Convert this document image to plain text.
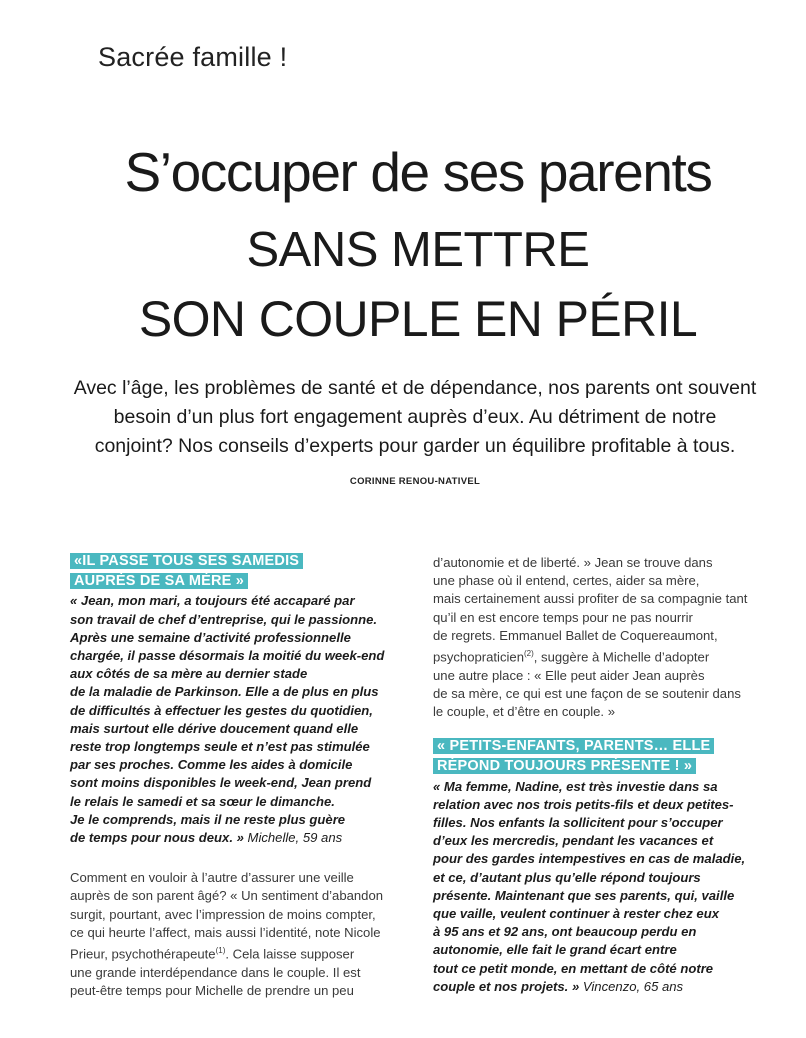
Sacrée famille !
S’occuper de ses parents
SANS METTRE
SON COUPLE EN PÉRIL
Avec l’âge, les problèmes de santé et de dépendance, nos parents ont souvent
besoin d’un plus fort engagement auprès d’eux. Au détriment de notre
conjoint? Nos conseils d’experts pour garder un équilibre profitable à tous.
CORINNE RENOU-NATIVEL
«IL PASSE TOUS SES SAMEDIS
AUPRÈS DE SA MÈRE »
« Jean, mon mari, a toujours été accaparé par
son travail de chef d’entreprise, qui le passionne.
Après une semaine d’activité professionnelle
chargée, il passe désormais la moitié du week-end
aux côtés de sa mère au dernier stade
de la maladie de Parkinson. Elle a de plus en plus
de difficultés à effectuer les gestes du quotidien,
mais surtout elle dérive doucement quand elle
reste trop longtemps seule et n’est pas stimulée
par ses proches. Comme les aides à domicile
sont moins disponibles le week-end, Jean prend
le relais le samedi et sa sœur le dimanche.
Je le comprends, mais il ne reste plus guère
de temps pour nous deux. » Michelle, 59 ans
Comment en vouloir à l’autre d’assurer une veille
auprès de son parent âgé? « Un sentiment d’abandon
surgit, pourtant, avec l’impression de moins compter,
ce qui heurte l’affect, mais aussi l’identité, note Nicole
Prieur, psychothérapeute$^{(1)}$. Cela laisse supposer
une grande interdépendance dans le couple. Il est
peut-être temps pour Michelle de prendre un peu
d’autonomie et de liberté. » Jean se trouve dans
une phase où il entend, certes, aider sa mère,
mais certainement aussi profiter de sa compagnie tant
qu’il en est encore temps pour ne pas nourrir
de regrets. Emmanuel Ballet de Coquereaumont,
psychopraticien$^{(2)}$, suggère à Michelle d’adopter
une autre place : « Elle peut aider Jean auprès
de sa mère, ce qui est une façon de se soutenir dans
le couple, et d’être en couple. »
« PETITS-ENFANTS, PARENTS… ELLE
RÉPOND TOUJOURS PRÉSENTE ! »
« Ma femme, Nadine, est très investie dans sa
relation avec nos trois petits-fils et deux petites-
filles. Nos enfants la sollicitent pour s’occuper
d’eux les mercredis, pendant les vacances et
pour des gardes intempestives en cas de maladie,
et ce, d’autant plus qu’elle répond toujours
présente. Maintenant que ses parents, qui, vaille
que vaille, veulent continuer à rester chez eux
à 95 ans et 92 ans, ont beaucoup perdu en
autonomie, elle fait le grand écart entre
tout ce petit monde, en mettant de côté notre
couple et nos projets. » Vincenzo, 65 ans
